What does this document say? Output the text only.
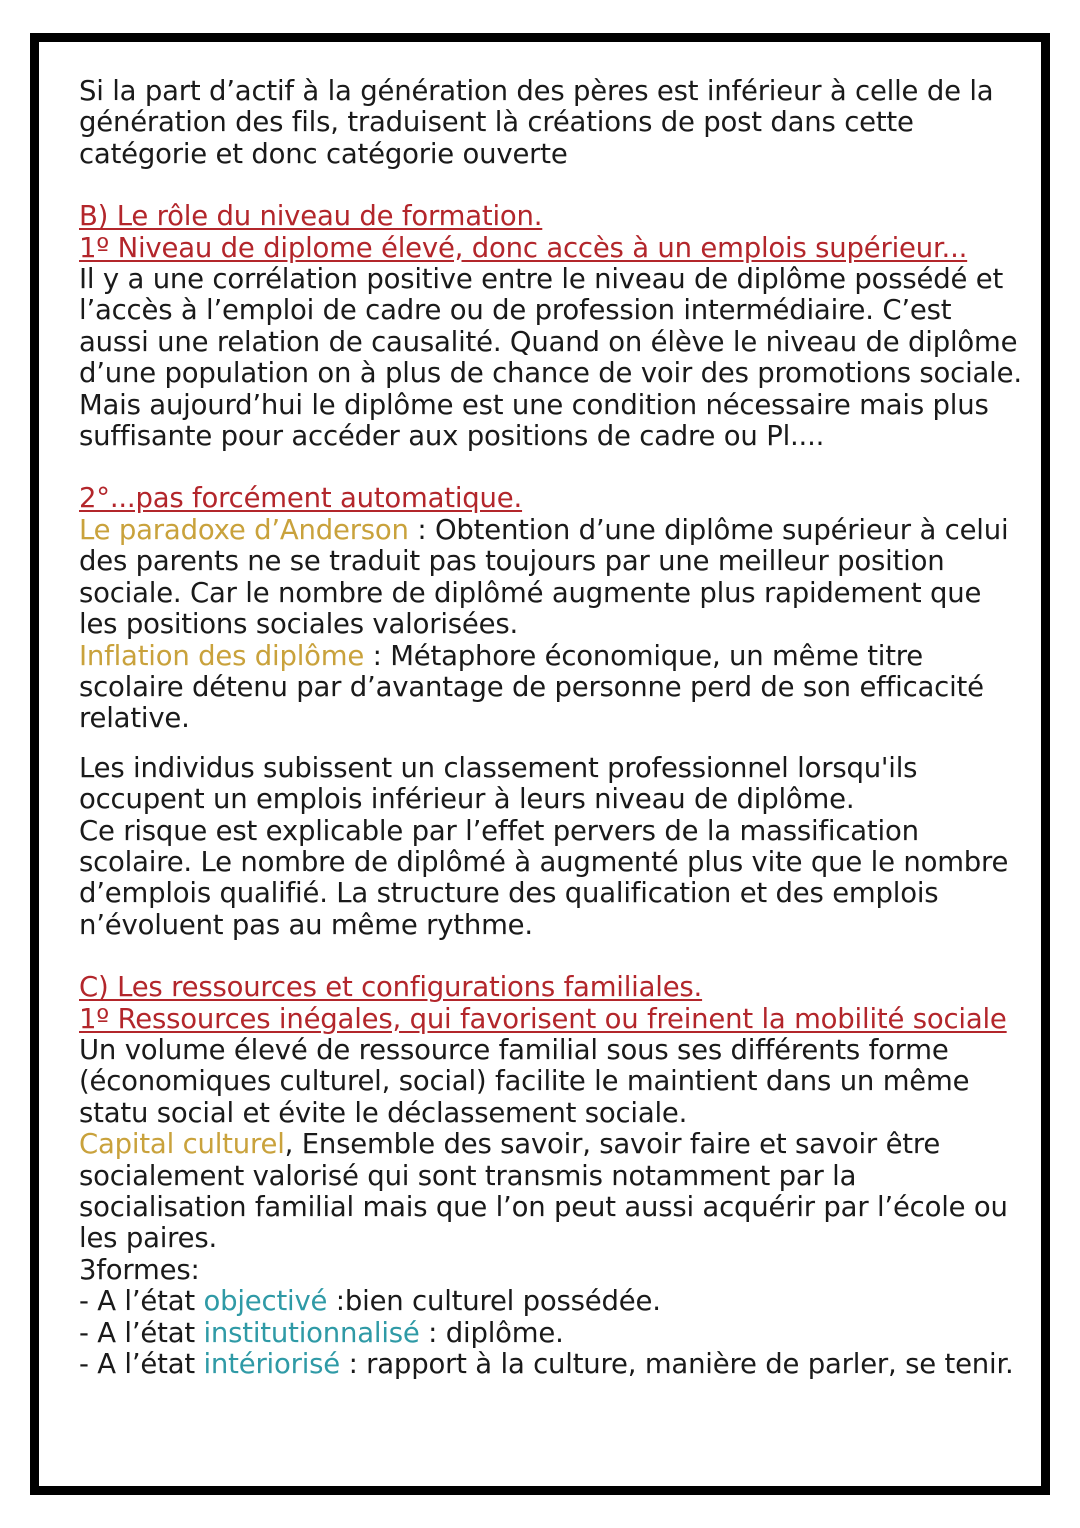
Si la part d’actif à la génération des pères est inférieur à celle de la génération des fils, traduisent là créations de post dans cette catégorie et donc catégorie ouverte

B) Le rôle du niveau de formation.

1º Niveau de diplome élevé, donc accès à un emplois supérieur...

Il y a une corrélation positive entre le niveau de diplôme possédé et l’accès à l’emploi de cadre ou de profession intermédiaire. C’est aussi une relation de causalité. Quand on élève le niveau de diplôme d’une population on à plus de chance de voir des promotions sociale.

Mais aujourd’hui le diplôme est une condition nécessaire mais plus suffisante pour accéder aux positions de cadre ou Pl....

2°...pas forcément automatique.

Le paradoxe d’Anderson : Obtention d’une diplôme supérieur à celui des parents ne se traduit pas toujours par une meilleur position sociale. Car le nombre de diplômé augmente plus rapidement que les positions sociales valorisées.

Inflation des diplôme : Métaphore économique, un même titre scolaire détenu par d’avantage de personne perd de son efficacité relative.

Les individus subissent un classement professionnel lorsqu'ils occupent un emplois inférieur à leurs niveau de diplôme.

Ce risque est explicable par l’effet pervers de la massification scolaire. Le nombre de diplômé à augmenté plus vite que le nombre d’emplois qualifié. La structure des qualification et des emplois n’évoluent pas au même rythme.

C) Les ressources et configurations familiales.

1º Ressources inégales, qui favorisent ou freinent la mobilité sociale

Un volume élevé de ressource familial sous ses différents forme (économiques culturel, social) facilite le maintient dans un même statu social et évite le déclassement sociale.

Capital culturel, Ensemble des savoir, savoir faire et savoir être socialement valorisé qui sont transmis notamment par la socialisation familial mais que l’on peut aussi acquérir par l’école ou les paires.

3formes:

- A l’état objectivé :bien culturel possédée.

- A l’état institutionnalisé : diplôme.

- A l’état intériorisé : rapport à la culture, manière de parler, se tenir.
